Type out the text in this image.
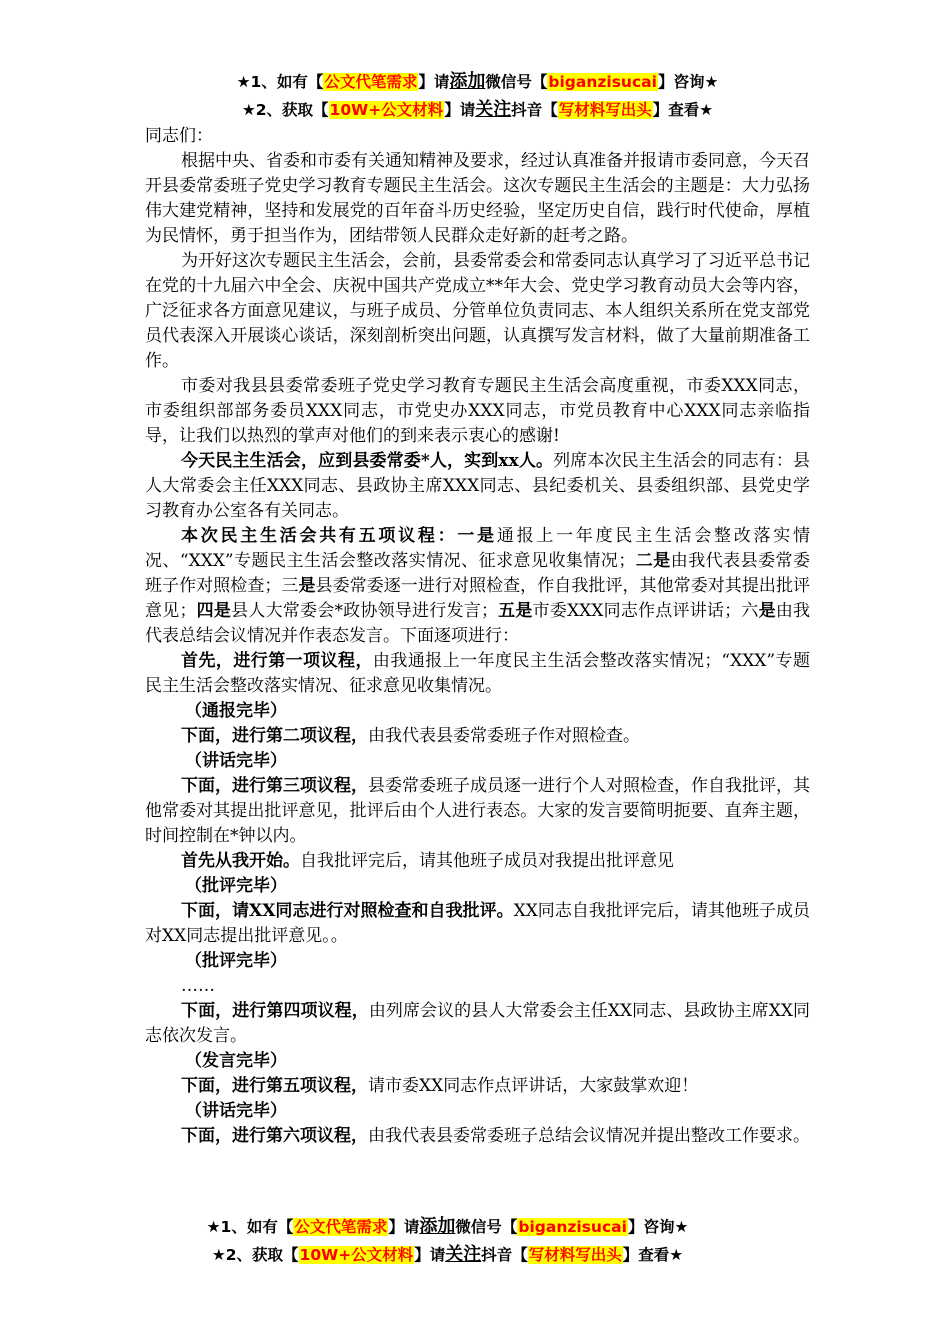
★1、如有【公文代笔需求】请添加微信号【biganzisucai】咨询★
★2、获取【10W+公文材料】请关注抖音【写材料写出头】查看★

同志们：

根据中央、省委和市委有关通知精神及要求，经过认真准备并报请市委同意，今天召开县委常委班子党史学习教育专题民主生活会。这次专题民主生活会的主题是：大力弘扬伟大建党精神，坚持和发展党的百年奋斗历史经验，坚定历史自信，践行时代使命，厚植为民情怀，勇于担当作为，团结带领人民群众走好新的赶考之路。

为开好这次专题民主生活会，会前，县委常委会和常委同志认真学习了习近平总书记在党的十九届六中全会、庆祝中国共产党成立**年大会、党史学习教育动员大会等内容，广泛征求各方面意见建议，与班子成员、分管单位负责同志、本人组织关系所在党支部党员代表深入开展谈心谈话，深刻剖析突出问题，认真撰写发言材料，做了大量前期准备工作。

市委对我县县委常委班子党史学习教育专题民主生活会高度重视，市委XXX同志，市委组织部部务委员XXX同志，市党史办XXX同志，市党员教育中心XXX同志亲临指导，让我们以热烈的掌声对他们的到来表示衷心的感谢!

今天民主生活会，应到县委常委*人，实到xx人。列席本次民主生活会的同志有：县人大常委会主任XXX同志、县政协主席XXX同志、县纪委机关、县委组织部、县党史学习教育办公室各有关同志。

本次民主生活会共有五项议程：一是通报上一年度民主生活会整改落实情况、“XXX”专题民主生活会整改落实情况、征求意见收集情况；二是由我代表县委常委班子作对照检查；三是县委常委逐一进行对照检查，作自我批评，其他常委对其提出批评意见；四是县人大常委会*政协领导进行发言；五是市委XXX同志作点评讲话；六是由我代表总结会议情况并作表态发言。下面逐项进行：

首先，进行第一项议程，由我通报上一年度民主生活会整改落实情况；“XXX”专题民主生活会整改落实情况、征求意见收集情况。

（通报完毕）

下面，进行第二项议程，由我代表县委常委班子作对照检查。

（讲话完毕）

下面，进行第三项议程，县委常委班子成员逐一进行个人对照检查，作自我批评，其他常委对其提出批评意见，批评后由个人进行表态。大家的发言要简明扼要、直奔主题，时间控制在*钟以内。

首先从我开始。自我批评完后，请其他班子成员对我提出批评意见

（批评完毕）

下面，请XX同志进行对照检查和自我批评。XX同志自我批评完后，请其他班子成员对XX同志提出批评意见。。

（批评完毕）

……

下面，进行第四项议程，由列席会议的县人大常委会主任XX同志、县政协主席XX同志依次发言。

（发言完毕）

下面，进行第五项议程，请市委XX同志作点评讲话，大家鼓掌欢迎！

（讲话完毕）

下面，进行第六项议程，由我代表县委常委班子总结会议情况并提出整改工作要求。

★1、如有【公文代笔需求】请添加微信号【biganzisucai】咨询★
★2、获取【10W+公文材料】请关注抖音【写材料写出头】查看★
